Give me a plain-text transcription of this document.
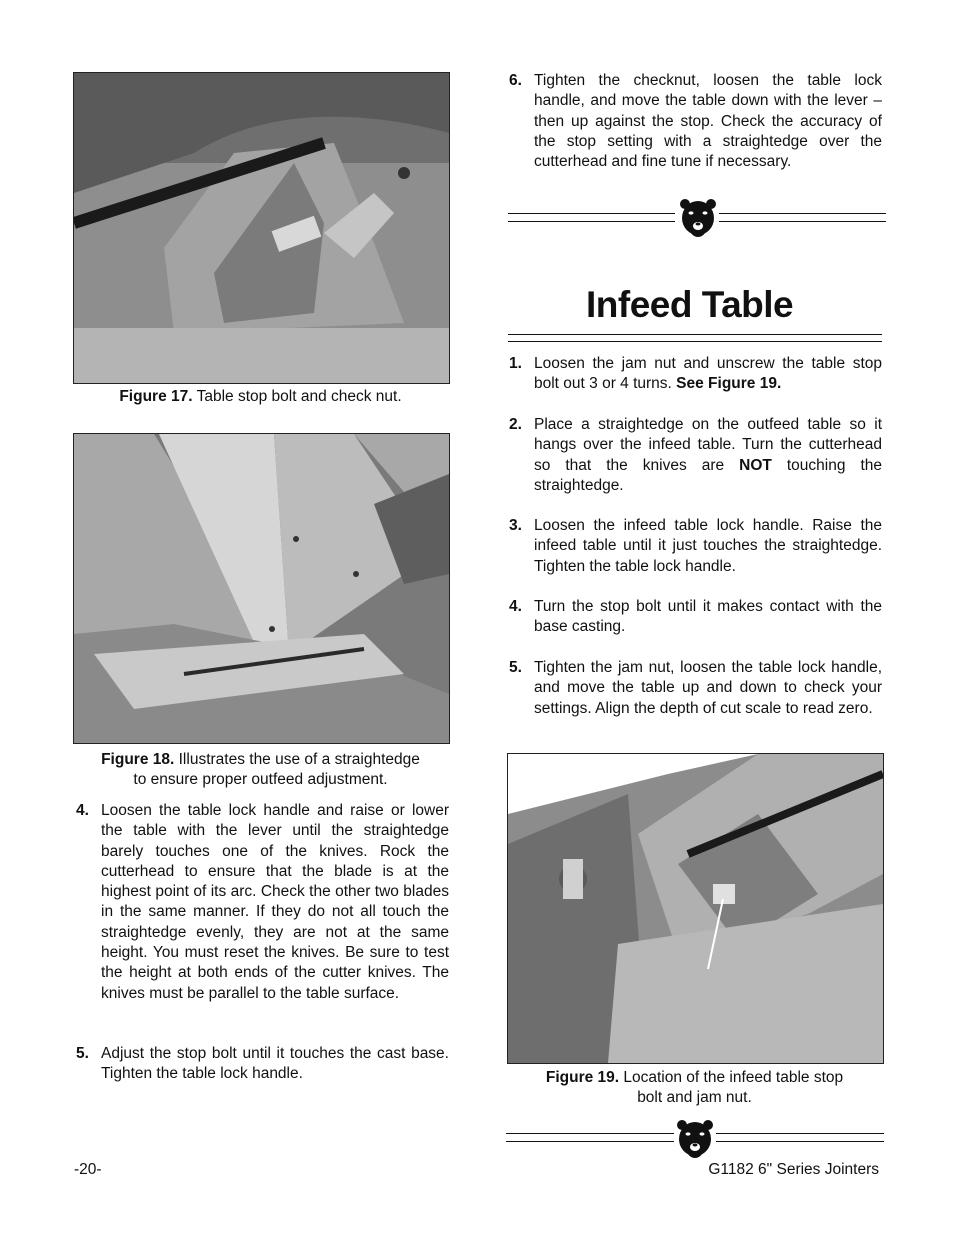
Figure 17. Table stop bolt and check nut.
Figure 18. Illustrates the use of a straightedge
to ensure proper outfeed adjustment.
4. Loosen the table lock handle and raise or lower the table with the lever until the straightedge barely touches one of the knives. Rock the cutterhead to ensure that the blade is at the highest point of its arc. Check the other two blades in the same manner. If they do not all touch the straightedge evenly, they are not at the same height. You must reset the knives. Be sure to test the height at both ends of the cutter knives. The knives must be parallel to the table surface.
5. Adjust the stop bolt until it touches the cast base. Tighten the table lock handle.
6. Tighten the checknut, loosen the table lock handle, and move the table down with the lever – then up against the stop. Check the accuracy of the stop setting with a straightedge over the cutterhead and fine tune if necessary.
Infeed Table
1. Loosen the jam nut and unscrew the table stop bolt out 3 or 4 turns. See Figure 19.
2. Place a straightedge on the outfeed table so it hangs over the infeed table. Turn the cutterhead so that the knives are NOT touching the straightedge.
3. Loosen the infeed table lock handle. Raise the infeed table until it just touches the straightedge. Tighten the table lock handle.
4. Turn the stop bolt until it makes contact with the base casting.
5. Tighten the jam nut, loosen the table lock handle, and move the table up and down to check your settings. Align the depth of cut scale to read zero.
Figure 19. Location of the infeed table stop
bolt and jam nut.
-20-	G1182 6" Series Jointers
